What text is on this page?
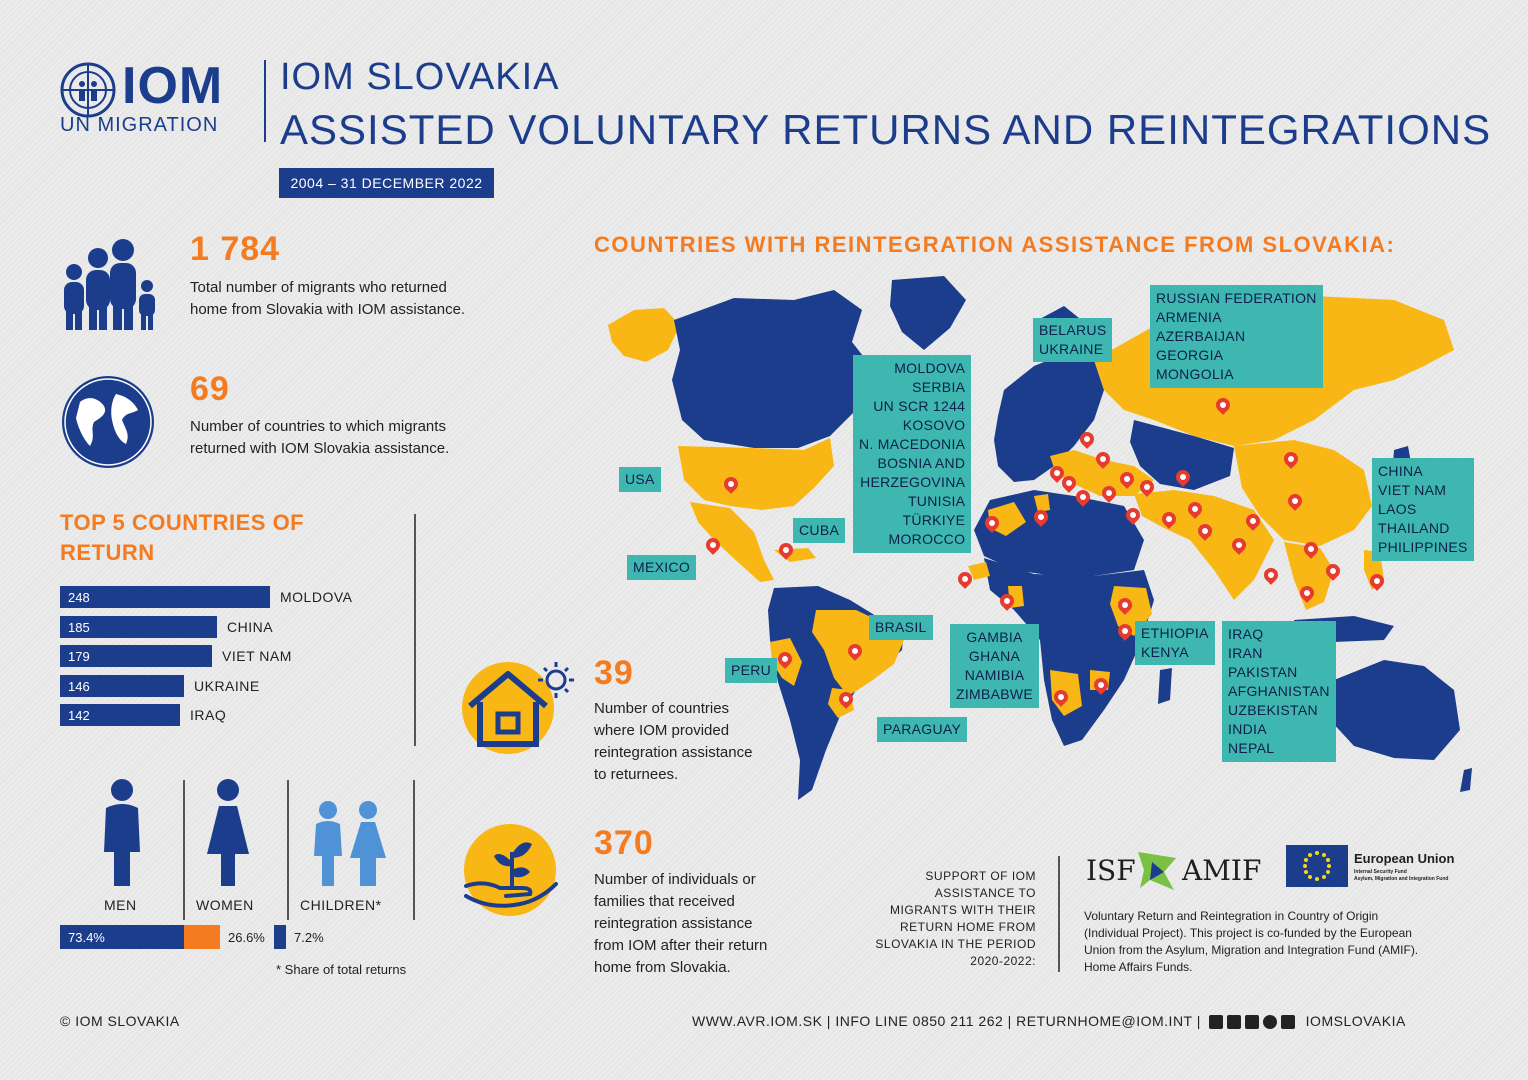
IOM
UN MIGRATION
IOM SLOVAKIA
ASSISTED VOLUNTARY RETURNS AND REINTEGRATIONS
2004 – 31 DECEMBER 2022
1 784
Total number of migrants who returned
home from Slovakia with IOM assistance.
69
Number of countries to which migrants
returned with IOM Slovakia assistance.
TOP 5 COUNTRIES OF
RETURN
248	MOLDOVA
185	CHINA
179	VIET NAM
146	UKRAINE
142	IRAQ
MEN	WOMEN	CHILDREN*
73.4%	26.6% 7.2%
* Share of total returns
COUNTRIES WITH REINTEGRATION ASSISTANCE FROM SLOVAKIA:
USA
MEXICO
CUBA
PERU
BRASIL
PARAGUAY
BELARUS
UKRAINE
MOLDOVA
SERBIA
UN SCR 1244
KOSOVO
N. MACEDONIA
BOSNIA AND
HERZEGOVINA
TUNISIA
TÜRKIYE
MOROCCO
RUSSIAN FEDERATION
ARMENIA
AZERBAIJAN
GEORGIA
MONGOLIA
CHINA
VIET NAM
LAOS
THAILAND
PHILIPPINES
GAMBIA
GHANA
NAMIBIA
ZIMBABWE
ETHIOPIA
KENYA
IRAQ
IRAN
PAKISTAN
AFGHANISTAN
UZBEKISTAN
INDIA
NEPAL
39
Number of countries
where IOM provided
reintegration assistance
to returnees.
370
Number of individuals or
families that received
reintegration assistance
from IOM after their return
home from Slovakia.
SUPPORT OF IOM
ASSISTANCE TO
MIGRANTS WITH THEIR
RETURN HOME FROM
SLOVAKIA IN THE PERIOD
2020-2022:
ISF AMIF	European Union
Internal Security Fund
Asylum, Migration and Integration Fund
Voluntary Return and Reintegration in Country of Origin
(Individual Project). This project is co-funded by the European
Union from the Asylum, Migration and Integration Fund (AMIF).
Home Affairs Funds.
© IOM SLOVAKIA	WWW.AVR.IOM.SK | INFO LINE 0850 211 262 | RETURNHOME@IOM.INT |	IOMSLOVAKIA
